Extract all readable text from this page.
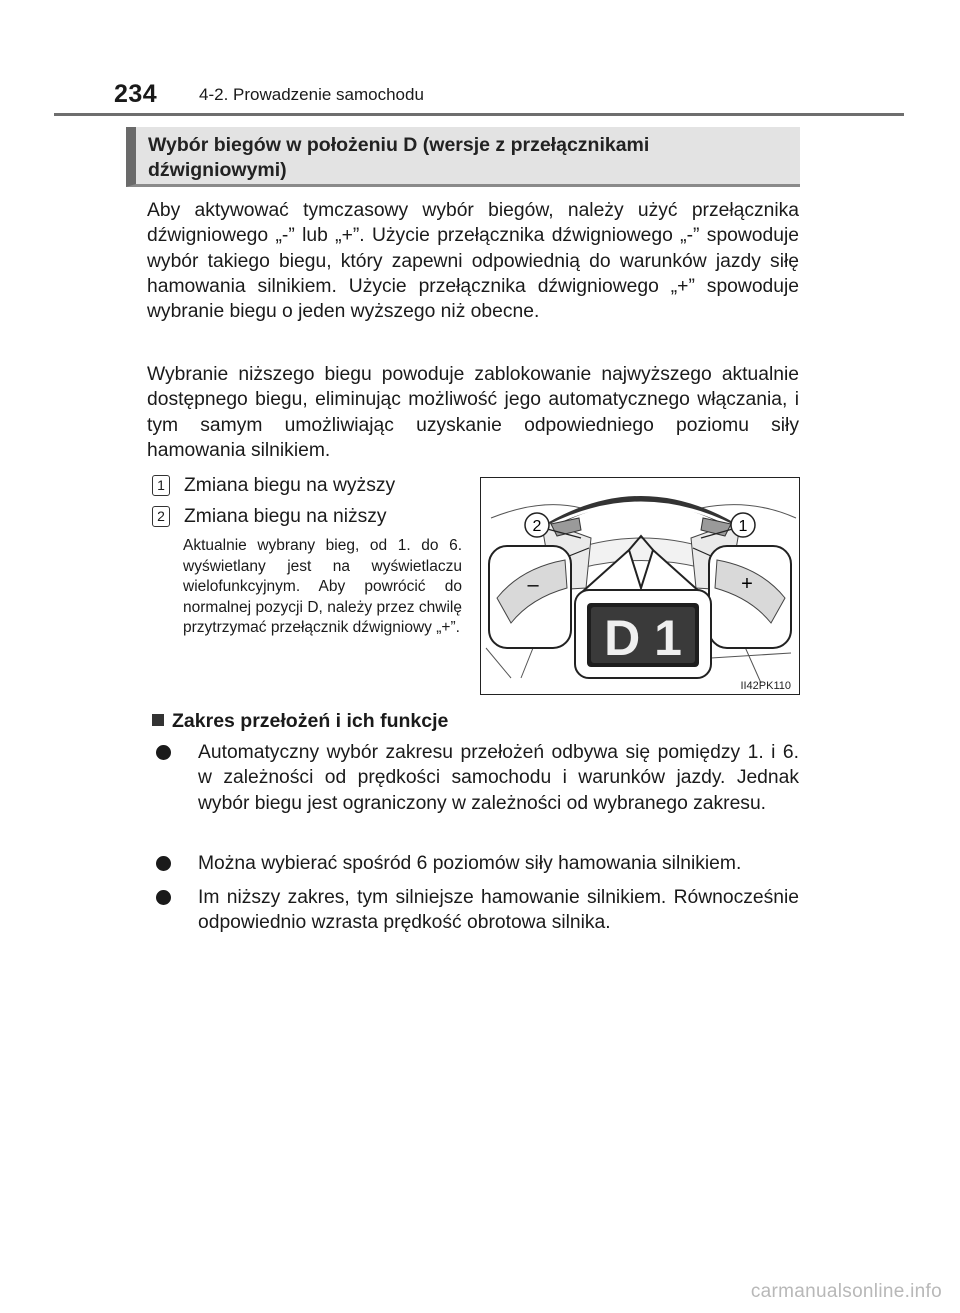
234 4-2. Prowadzenie samochodu
Wybór biegów w położeniu D (wersje z przełącznikami dźwigniowymi)
Aby aktywować tymczasowy wybór biegów, należy użyć przełącznika dźwigniowego „-” lub „+”. Użycie przełącznika dźwigniowego „-” spowoduje wybór takiego biegu, który zapewni odpowiednią do warunków jazdy siłę hamowania silnikiem. Użycie przełącznika dźwigniowego „+” spowoduje wybranie biegu o jeden wyższego niż obecne.
Wybranie niższego biegu powoduje zablokowanie najwyższego aktualnie dostępnego biegu, eliminując możliwość jego automatycznego włączania, i tym samym umożliwiając uzyskanie odpowiedniego poziomu siły hamowania silnikiem.
1 Zmiana biegu na wyższy
2 Zmiana biegu na niższy
Aktualnie wybrany bieg, od 1. do 6. wyświetlany jest na wyświetlaczu wielofunkcyjnym. Aby powrócić do normalnej pozycji D, należy przez chwilę przytrzymać przełącznik dźwigniowy „+”.
2	1
–	+
D 1
II42PK110
Zakres przełożeń i ich funkcje
Automatyczny wybór zakresu przełożeń odbywa się pomiędzy 1. i 6. w zależności od prędkości samochodu i warunków jazdy. Jednak wybór biegu jest ograniczony w zależności od wybranego zakresu.
Można wybierać spośród 6 poziomów siły hamowania silnikiem.
Im niższy zakres, tym silniejsze hamowanie silnikiem. Równocześnie odpowiednio wzrasta prędkość obrotowa silnika.
carmanualsonline.info
